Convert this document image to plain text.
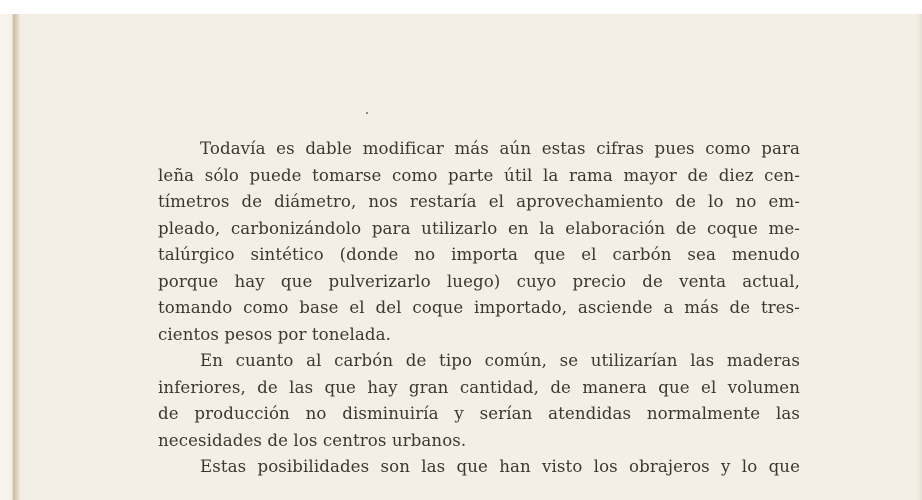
Todavía es dable modificar más aún estas cifras pues como para
leña sólo puede tomarse como parte útil la rama mayor de diez cen-
tímetros de diámetro, nos restaría el aprovechamiento de lo no em-
pleado, carbonizándolo para utilizarlo en la elaboración de coque me-
talúrgico sintético (donde no importa que el carbón sea menudo
porque hay que pulverizarlo luego) cuyo precio de venta actual,
tomando como base el del coque importado, asciende a más de tres-
cientos pesos por tonelada.
En cuanto al carbón de tipo común, se utilizarían las maderas
inferiores, de las que hay gran cantidad, de manera que el volumen
de producción no disminuiría y serían atendidas normalmente las
necesidades de los centros urbanos.
Estas posibilidades son las que han visto los obrajeros y lo que
